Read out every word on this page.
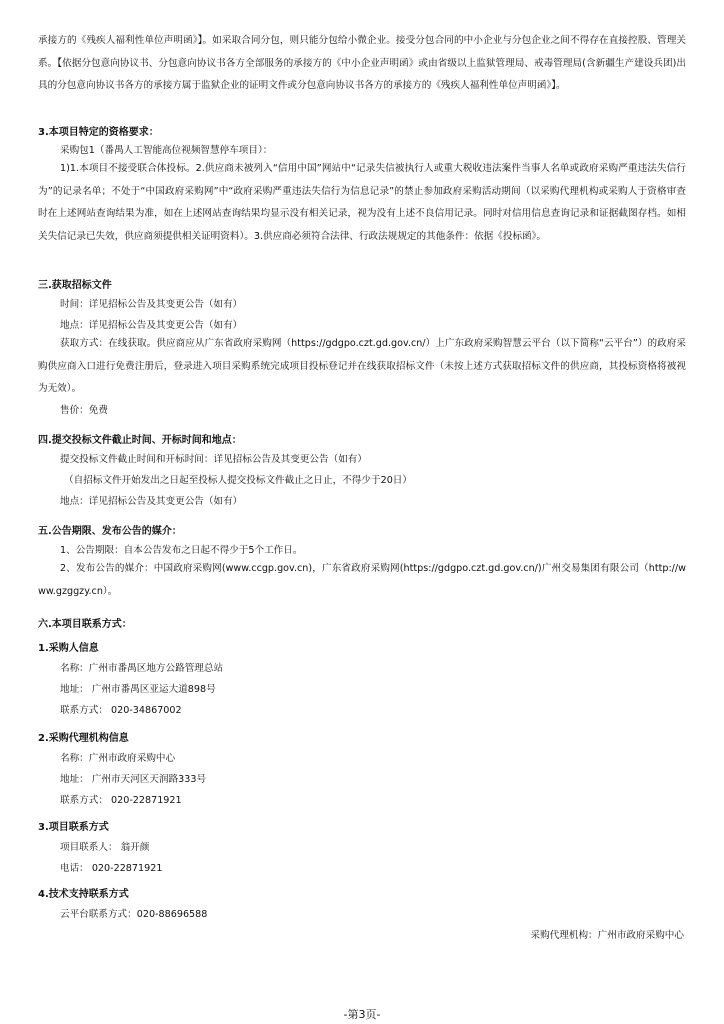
承接方的《残疾人福利性单位声明函》】。如采取合同分包，则只能分包给小微企业。接受分包合同的中小企业与分包企业之间不得存在直接控股、管理关系。【依据分包意向协议书、分包意向协议书各方全部服务的承接方的《中小企业声明函》或由省级以上监狱管理局、戒毒管理局(含新疆生产建设兵团)出具的分包意向协议书各方的承接方属于监狱企业的证明文件或分包意向协议书各方的承接方的《残疾人福利性单位声明函》】。
3.本项目特定的资格要求：
采购包1（番禺人工智能高位视频智慧停车项目）：
1)1.本项目不接受联合体投标。2.供应商未被列入“信用中国”网站中“记录失信被执行人或重大税收违法案件当事人名单或政府采购严重违法失信行为”的记录名单；不处于“中国政府采购网”中“政府采购严重违法失信行为信息记录”的禁止参加政府采购活动期间（以采购代理机构或采购人于资格审查时在上述网站查询结果为准，如在上述网站查询结果均显示没有相关记录，视为没有上述不良信用记录。同时对信用信息查询记录和证据截图存档。如相关失信记录已失效，供应商须提供相关证明资料）。3.供应商必须符合法律、行政法规规定的其他条件：依据《投标函》。
三.获取招标文件
时间：详见招标公告及其变更公告（如有）
地点：详见招标公告及其变更公告（如有）
获取方式：在线获取。供应商应从广东省政府采购网（https://gdgpo.czt.gd.gov.cn/）上广东政府采购智慧云平台（以下简称“云平台”）的政府采购供应商入口进行免费注册后，登录进入项目采购系统完成项目投标登记并在线获取招标文件（未按上述方式获取招标文件的供应商，其投标资格将被视为无效）。
售价：免费
四.提交投标文件截止时间、开标时间和地点：
提交投标文件截止时间和开标时间：详见招标公告及其变更公告（如有）
（自招标文件开始发出之日起至投标人提交投标文件截止之日止，不得少于20日）
地点：详见招标公告及其变更公告（如有）
五.公告期限、发布公告的媒介：
1、公告期限：自本公告发布之日起不得少于5个工作日。
2、发布公告的媒介：中国政府采购网(www.ccgp.gov.cn)，广东省政府采购网(https://gdgpo.czt.gd.gov.cn/)广州交易集团有限公司（http://www.gzggzy.cn）。
六.本项目联系方式：
1.采购人信息
名称：广州市番禺区地方公路管理总站
地址： 广州市番禺区亚运大道898号
联系方式： 020-34867002
2.采购代理机构信息
名称：广州市政府采购中心
地址： 广州市天河区天润路333号
联系方式： 020-22871921
3.项目联系方式
项目联系人： 翁开颜
电话： 020-22871921
4.技术支持联系方式
云平台联系方式：020-88696588
采购代理机构：广州市政府采购中心
-第3页-
